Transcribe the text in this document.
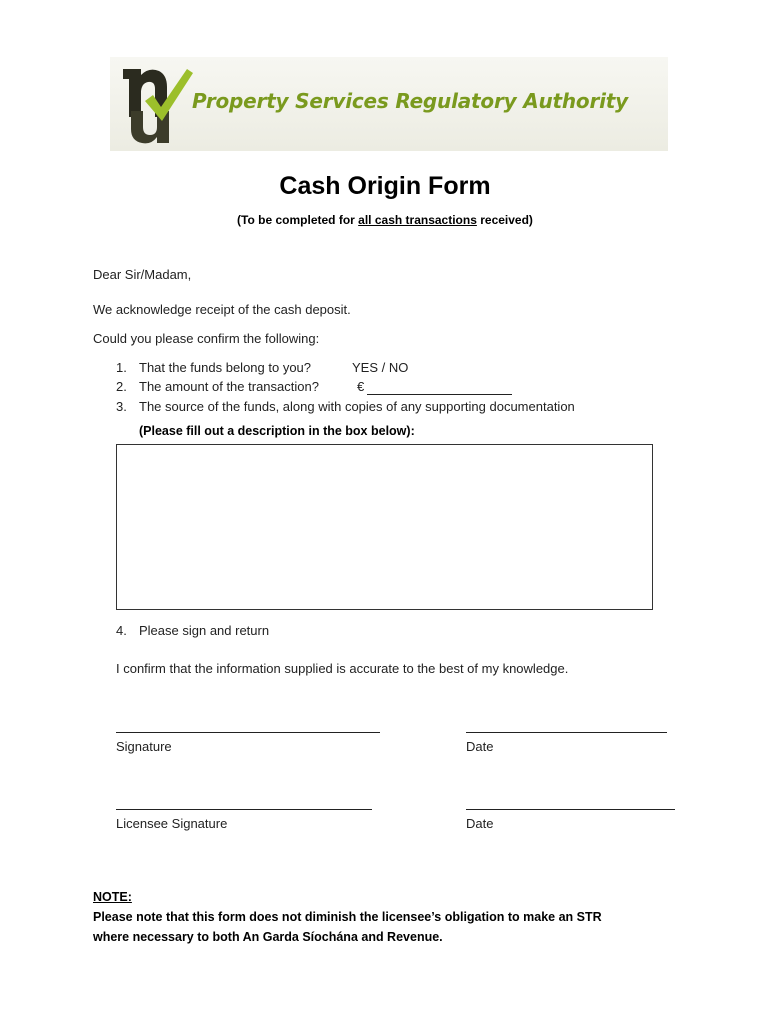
Property Services Regulatory Authority
Cash Origin Form
(To be completed for all cash transactions received)
Dear Sir/Madam,
We acknowledge receipt of the cash deposit.
Could you please confirm the following:
1. That the funds belong to you?	YES / NO
2. The amount of the transaction?	€
3. The source of the funds, along with copies of any supporting documentation
(Please fill out a description in the box below):
4. Please sign and return
I confirm that the information supplied is accurate to the best of my knowledge.
Signature	Date
Licensee Signature	Date
NOTE:
Please note that this form does not diminish the licensee’s obligation to make an STR
where necessary to both An Garda Síochána and Revenue.
